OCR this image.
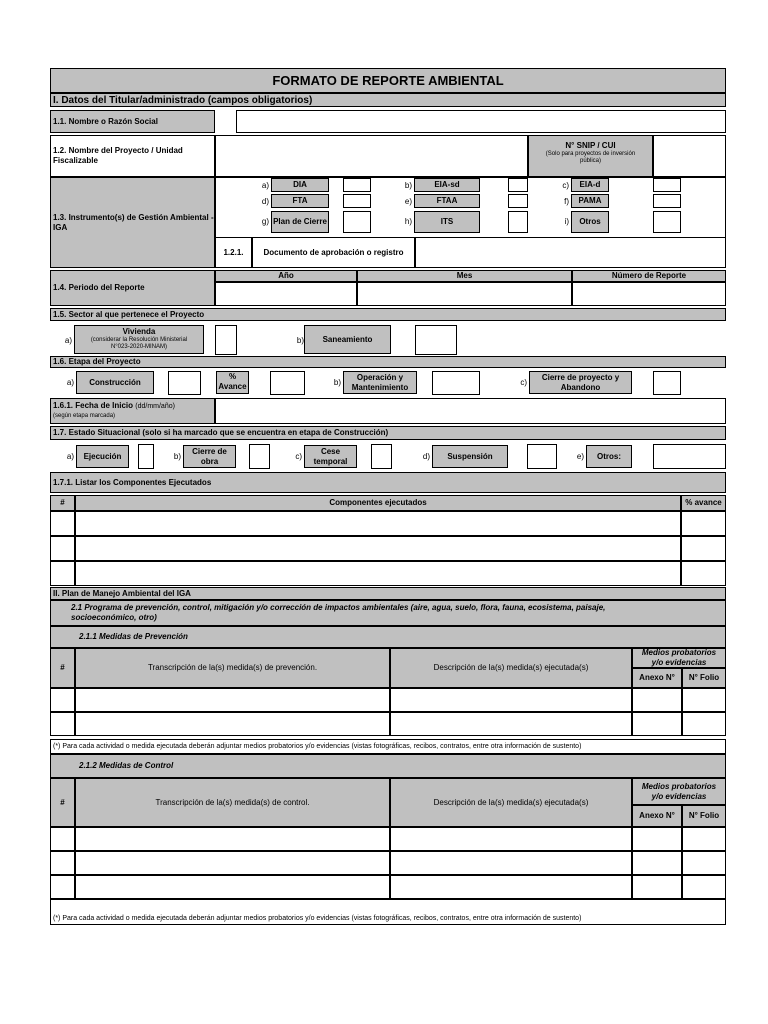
FORMATO DE REPORTE AMBIENTAL
I. Datos del Titular/administrado (campos obligatorios)
1.1. Nombre o Razón Social
1.2. Nombre del Proyecto / Unidad Fiscalizable
N° SNIP / CUI
(Solo para proyectos de inversión pública)
1.3. Instrumento(s) de Gestión Ambiental - IGA
a)	DIA	b)	EIA-sd	c)	EIA-d
d)	FTA	e)	FTAA	f)	PAMA
g) Plan de Cierre	h)	ITS	i)	Otros
1.2.1.	Documento de aprobación o registro
1.4. Periodo del Reporte
Año	Mes	Número de Reporte
1.5. Sector al que pertenece el Proyecto
a)
Vivienda
(considerar la Resolución Ministerial N°023-2020-MINAM)
b)	Saneamiento
1.6. Etapa del Proyecto
a)	Construcción
%
Avance	b)
Operación y Mantenimiento	c)
Cierre de proyecto y Abandono
1.6.1. Fecha de Inicio (dd/mm/año)
(según etapa marcada)
1.7. Estado Situacional (solo si ha marcado que se encuentra en etapa de Construcción)
a)	Ejecución	b)
Cierre de obra	c)
Cese temporal	d)	Suspensión	e)	Otros:
1.7.1. Listar los Componentes Ejecutados
#	Componentes ejecutados	% avance
II. Plan de Manejo Ambiental del IGA
2.1 Programa de prevención, control, mitigación y/o corrección de impactos ambientales (aire, agua, suelo, flora, fauna, ecosistema, paisaje, socioeconómico, otro)
2.1.1 Medidas de Prevención
#	Transcripción de la(s) medida(s) de prevención.	Descripción de la(s) medida(s) ejecutada(s)
Medios probatorios y/o evidencias
Anexo N°	N° Folio
(*) Para cada actividad o medida ejecutada deberán adjuntar medios probatorios y/o evidencias (vistas fotográficas, recibos, contratos, entre otra información de sustento)
2.1.2 Medidas de Control
#	Transcripción de la(s) medida(s) de control.	Descripción de la(s) medida(s) ejecutada(s)
Medios probatorios y/o evidencias
Anexo N°	N° Folio
(*) Para cada actividad o medida ejecutada deberán adjuntar medios probatorios y/o evidencias (vistas fotográficas, recibos, contratos, entre otra información de sustento)
